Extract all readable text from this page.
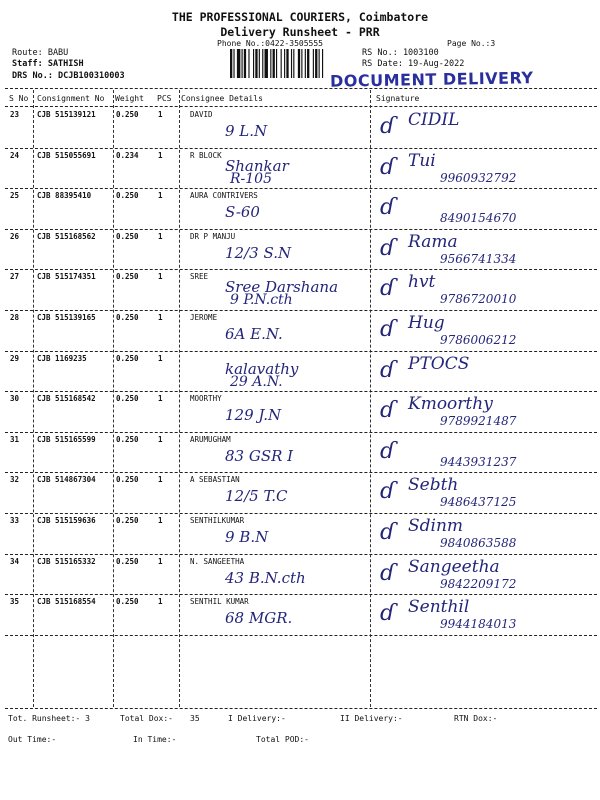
THE PROFESSIONAL COURIERS, Coimbatore
Delivery Runsheet - PRR
Phone No.:0422-3505555	Page No.:3
Route: BABU
Staff: SATHISH
DRS No.: DCJB100310003
RS No.: 1003100
RS Date: 19-Aug-2022
DOCUMENT DELIVERY
S No Consignment No Weight PCS Consignee Details	Signature
23 CJB 515139121	0.250	1	DAVID
9 L.N	ɗ CIDIL
24 CJB 515055691	0.234	1	R BLOCK
Shankar
R-105	ɗ Tui
9960932792
25 CJB 88395410	0.250	1	AURA CONTRIVERS
S-60	ɗ	8490154670
26 CJB 515168562	0.250	1	DR P MANJU
12/3 S.N	ɗ Rama
9566741334
27 CJB 515174351	0.250	1	SREE
Sree Darshana
9 P.N.cth	ɗ hvt
9786720010
28 CJB 515139165	0.250	1	JEROME
6A E.N.	ɗ Hug
9786006212
29 CJB 1169235	0.250	1
kalavathy
29 A.N.	ɗ PTOCS
30 CJB 515168542	0.250	1	MOORTHY
129 J.N	ɗ Kmoorthy
9789921487
31 CJB 515165599	0.250	1	ARUMUGHAM
83 GSR I	ɗ	9443931237
32 CJB 514867304	0.250	1	A SEBASTIAN
12/5 T.C	ɗ Sebth
9486437125
33 CJB 515159636	0.250	1	SENTHILKUMAR
9 B.N	ɗ Sdinm
9840863588
34 CJB 515165332	0.250	1	N. SANGEETHA
43 B.N.cth	ɗ Sangeetha
9842209172
35 CJB 515168554	0.250	1	SENTHIL KUMAR
68 MGR.	ɗ Senthil
9944184013
Tot. Runsheet:- 3	Total Dox:- 35	I Delivery:-	II Delivery:-	RTN Dox:-
Out Time:-	In Time:-	Total POD:-
